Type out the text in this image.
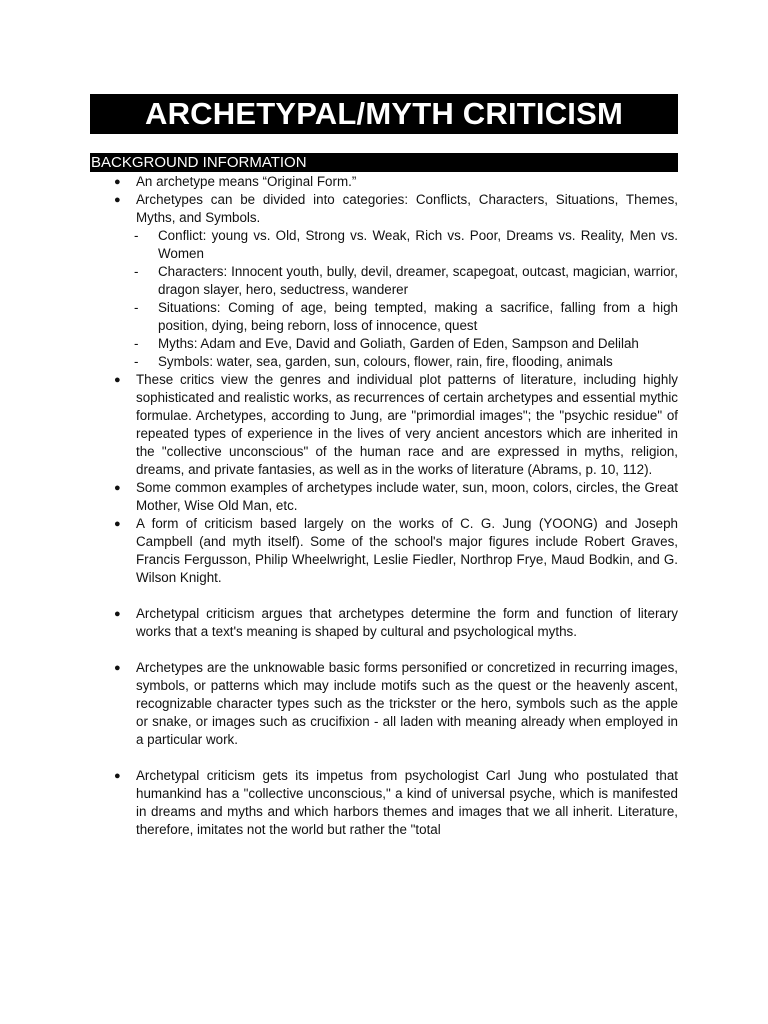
ARCHETYPAL/MYTH CRITICISM
BACKGROUND INFORMATION
● An archetype means “Original Form.”
● Archetypes can be divided into categories: Conflicts, Characters, Situations, Themes, Myths, and Symbols.
- Conflict: young vs. Old, Strong vs. Weak, Rich vs. Poor, Dreams vs. Reality, Men vs. Women
- Characters: Innocent youth, bully, devil, dreamer, scapegoat, outcast, magician, warrior, dragon slayer, hero, seductress, wanderer
- Situations: Coming of age, being tempted, making a sacrifice, falling from a high position, dying, being reborn, loss of innocence, quest
- Myths: Adam and Eve, David and Goliath, Garden of Eden, Sampson and Delilah
- Symbols: water, sea, garden, sun, colours, flower, rain, fire, flooding, animals
● These critics view the genres and individual plot patterns of literature, including highly sophisticated and realistic works, as recurrences of certain archetypes and essential mythic formulae. Archetypes, according to Jung, are "primordial images"; the "psychic residue" of repeated types of experience in the lives of very ancient ancestors which are inherited in the "collective unconscious" of the human race and are expressed in myths, religion, dreams, and private fantasies, as well as in the works of literature (Abrams, p. 10, 112).
● Some common examples of archetypes include water, sun, moon, colors, circles, the Great Mother, Wise Old Man, etc.
● A form of criticism based largely on the works of C. G. Jung (YOONG) and Joseph Campbell (and myth itself). Some of the school's major figures include Robert Graves, Francis Fergusson, Philip Wheelwright, Leslie Fiedler, Northrop Frye, Maud Bodkin, and G. Wilson Knight.
● Archetypal criticism argues that archetypes determine the form and function of literary works that a text's meaning is shaped by cultural and psychological myths.
● Archetypes are the unknowable basic forms personified or concretized in recurring images, symbols, or patterns which may include motifs such as the quest or the heavenly ascent, recognizable character types such as the trickster or the hero, symbols such as the apple or snake, or images such as crucifixion - all laden with meaning already when employed in a particular work.
● Archetypal criticism gets its impetus from psychologist Carl Jung who postulated that humankind has a "collective unconscious," a kind of universal psyche, which is manifested in dreams and myths and which harbors themes and images that we all inherit. Literature, therefore, imitates not the world but rather the "total
